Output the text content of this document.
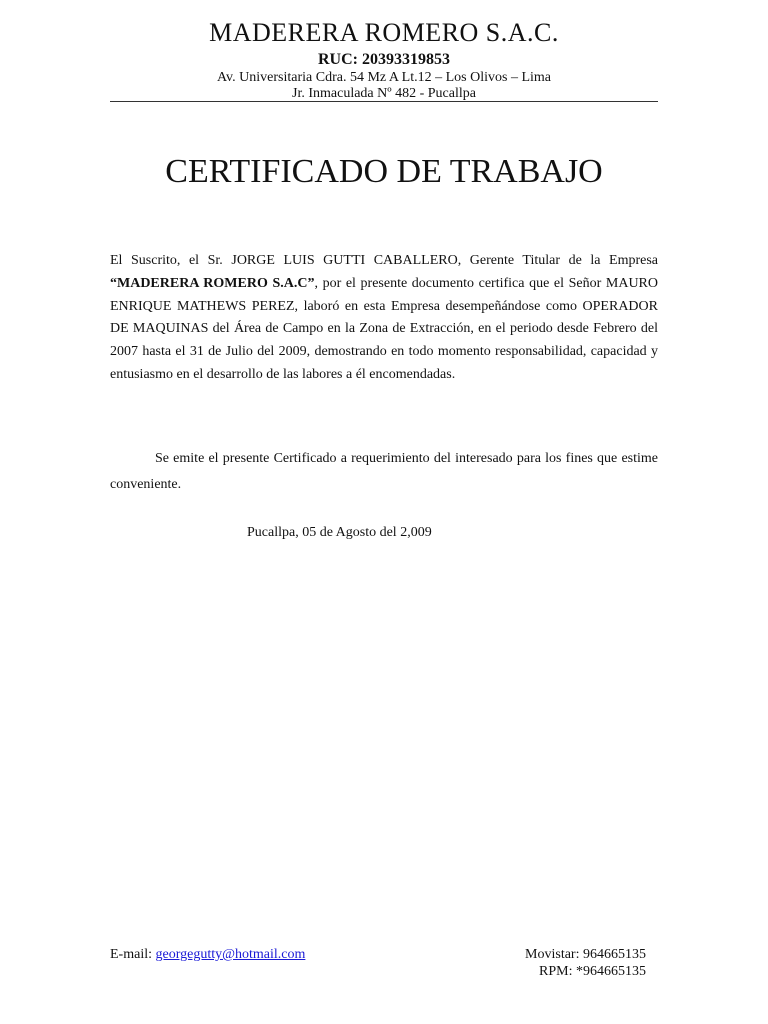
MADERERA ROMERO S.A.C.
RUC: 20393319853
Av. Universitaria Cdra. 54 Mz A Lt.12 – Los Olivos – Lima
Jr. Inmaculada Nº 482 - Pucallpa
CERTIFICADO DE TRABAJO
El Suscrito, el Sr. JORGE LUIS GUTTI CABALLERO, Gerente Titular de la Empresa “MADERERA ROMERO S.A.C”, por el presente documento certifica que el Señor MAURO ENRIQUE MATHEWS PEREZ, laboró en esta Empresa desempeñándose como OPERADOR DE MAQUINAS del Área de Campo en la Zona de Extracción, en el periodo desde Febrero del 2007 hasta el 31 de Julio del 2009, demostrando en todo momento responsabilidad, capacidad y entusiasmo en el desarrollo de las labores a él encomendadas.
Se emite el presente Certificado a requerimiento del interesado para los fines que estime conveniente.
Pucallpa, 05 de Agosto del 2,009
E-mail: georgegutty@hotmail.com	Movistar: 964665135
RPM: *964665135
